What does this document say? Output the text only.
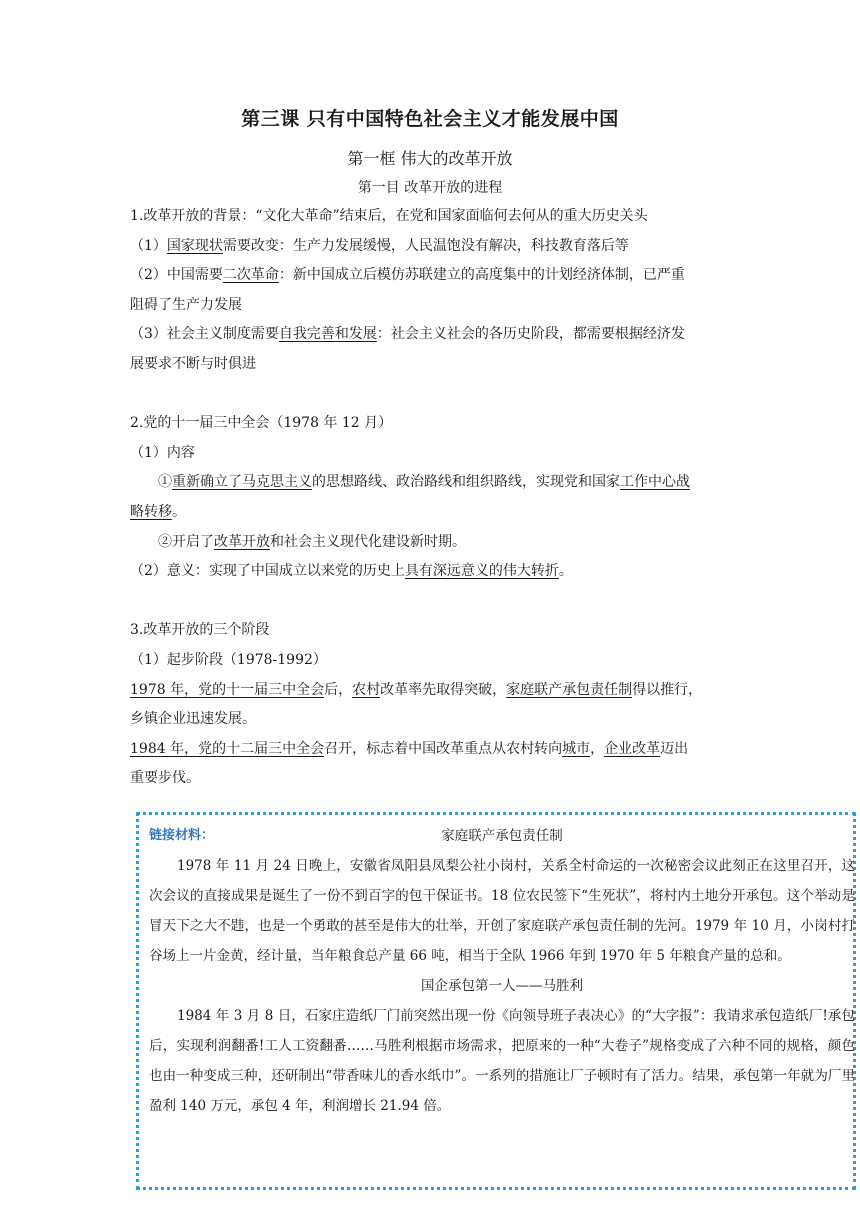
第三课 只有中国特色社会主义才能发展中国
第一框 伟大的改革开放
第一目 改革开放的进程
1.改革开放的背景：“文化大革命”结束后，在党和国家面临何去何从的重大历史关头
（1）国家现状需要改变：生产力发展缓慢，人民温饱没有解决，科技教育落后等
（2）中国需要二次革命：新中国成立后模仿苏联建立的高度集中的计划经济体制，已严重
阻碍了生产力发展
（3）社会主义制度需要自我完善和发展：社会主义社会的各历史阶段，都需要根据经济发
展要求不断与时俱进
2.党的十一届三中全会（1978 年 12 月）
（1）内容
①重新确立了马克思主义的思想路线、政治路线和组织路线，实现党和国家工作中心战
略转移。
②开启了改革开放和社会主义现代化建设新时期。
（2）意义：实现了中国成立以来党的历史上具有深远意义的伟大转折。
3.改革开放的三个阶段
（1）起步阶段（1978-1992）
1978 年，党的十一届三中全会后，农村改革率先取得突破，家庭联产承包责任制得以推行，
乡镇企业迅速发展。
1984 年，党的十二届三中全会召开，标志着中国改革重点从农村转向城市，企业改革迈出
重要步伐。
链接材料：	家庭联产承包责任制

1978 年 11 月 24 日晚上，安徽省凤阳县凤梨公社小岗村，关系全村命运的一次秘密会议此刻正在这里召开，这次会议的直接成果是诞生了一份不到百字的包干保证书。18 位农民签下“生死状”，将村内土地分开承包。这个举动是冒天下之大不韪，也是一个勇敢的甚至是伟大的壮举，开创了家庭联产承包责任制的先河。1979 年 10 月，小岗村打谷场上一片金黄，经计量，当年粮食总产量 66 吨，相当于全队 1966 年到 1970 年 5 年粮食产量的总和。

国企承包第一人——马胜利

1984 年 3 月 8 日，石家庄造纸厂门前突然出现一份《向领导班子表决心》的“大字报”：我请求承包造纸厂!承包后，实现利润翻番!工人工资翻番……马胜利根据市场需求，把原来的一种“大卷子”规格变成了六种不同的规格，颜色也由一种变成三种，还研制出“带香味儿的香水纸巾”。一系列的措施让厂子顿时有了活力。结果，承包第一年就为厂里盈利 140 万元，承包 4 年，利润增长 21.94 倍。
